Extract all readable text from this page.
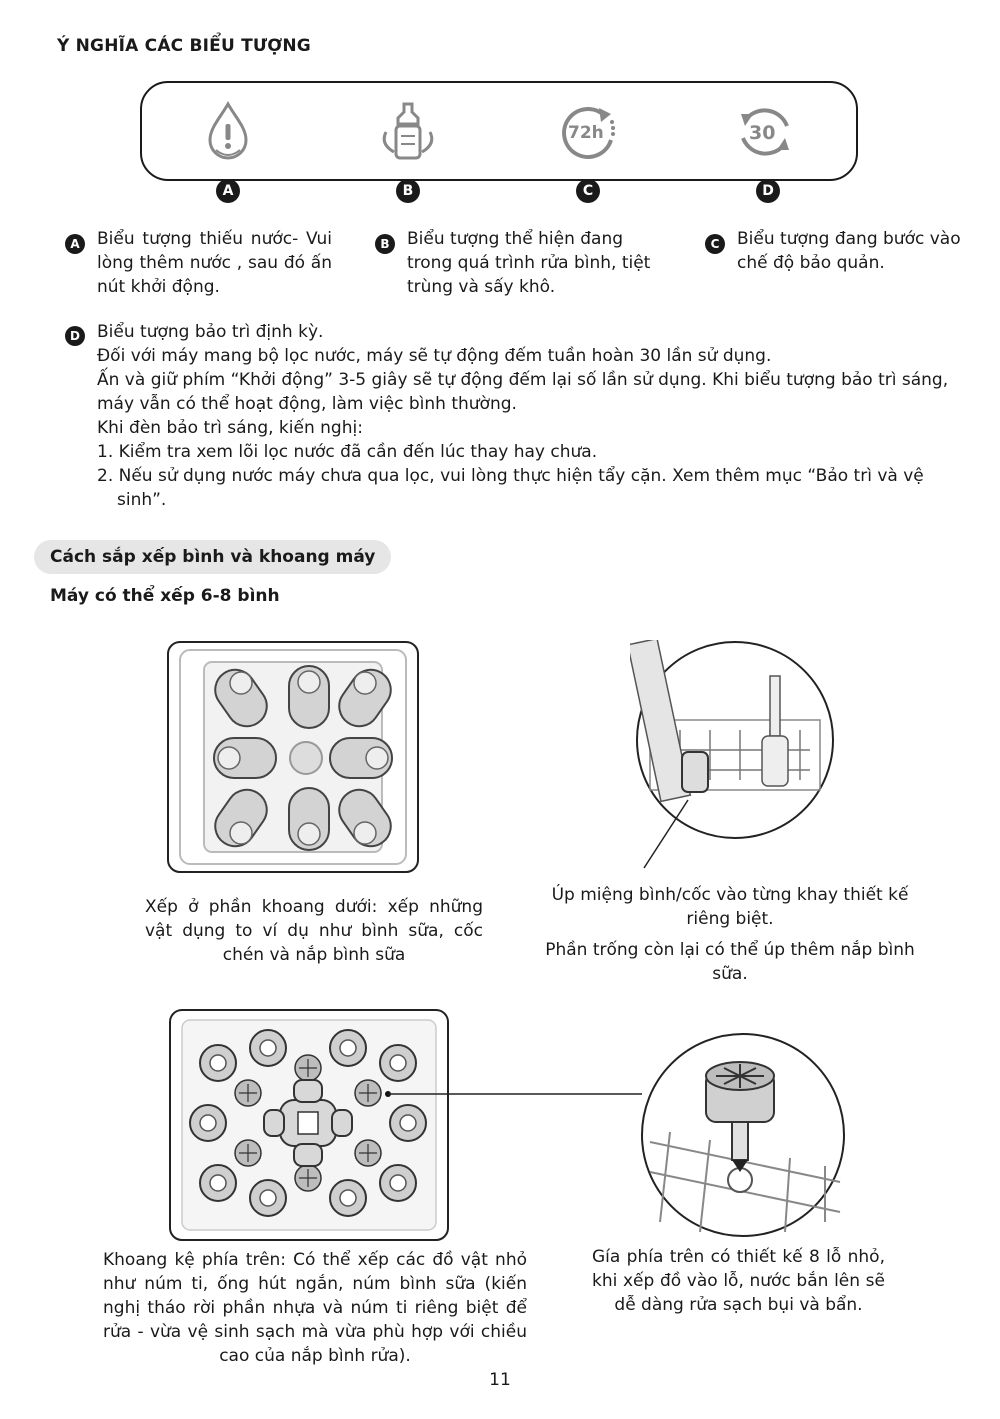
Ý NGHĨA CÁC BIỂU TƯỢNG
72h	30
A	B	C	D
A	Biểu tượng thiếu nước- Vui lòng thêm nước , sau đó ấn nút khởi động.
B	Biểu tượng thể hiện đang trong quá trình rửa bình, tiệt trùng và sấy khô.
C	Biểu tượng đang bước vào chế độ bảo quản.
D Biểu tượng bảo trì định kỳ.

Đối với máy mang bộ lọc nước, máy sẽ tự động đếm tuần hoàn 30 lần sử dụng.

Ấn và giữ phím “Khởi động” 3-5 giây sẽ tự động đếm lại số lần sử dụng. Khi biểu tượng bảo trì sáng, máy vẫn có thể hoạt động, làm việc bình thường.

Khi đèn bảo trì sáng, kiến nghị:

1. Kiểm tra xem lõi lọc nước đã cần đến lúc thay hay chưa.

2. Nếu sử dụng nước máy chưa qua lọc, vui lòng thực hiện tẩy cặn. Xem thêm mục “Bảo trì và vệ sinh”.

Cách sắp xếp bình và khoang máy
Máy có thể xếp 6-8 bình
Xếp ở phần khoang dưới: xếp những vật dụng to ví dụ như bình sữa, cốc chén và nắp bình sữa
Úp miệng bình/cốc vào từng khay thiết kế riêng biệt.
Phần trống còn lại có thể úp thêm nắp bình sữa.
Khoang kệ phía trên: Có thể xếp các đồ vật nhỏ như núm ti, ống hút ngắn, núm bình sữa (kiến nghị tháo rời phần nhựa và núm ti riêng biệt để rửa - vừa vệ sinh sạch mà vừa phù hợp với chiều cao của nắp bình rửa).
Gía phía trên có thiết kế 8 lỗ nhỏ, khi xếp đồ vào lỗ, nước bắn lên sẽ dễ dàng rửa sạch bụi và bẩn.
11
